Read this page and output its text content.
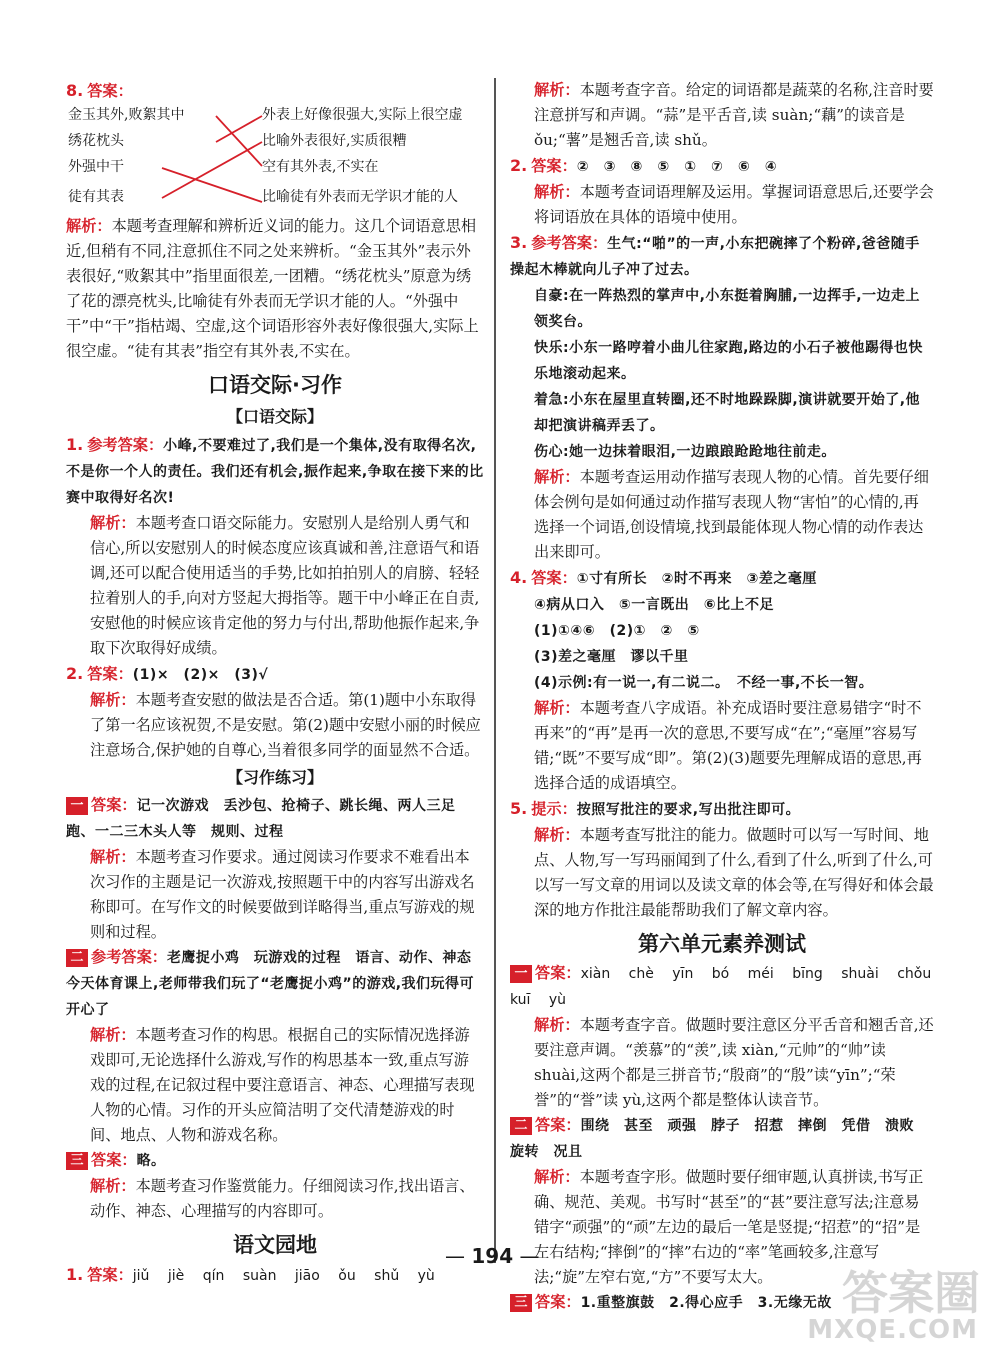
8. 答案：

金玉其外,败絮其中
绣花枕头
外强中干
徒有其表
外表上好像很强大,实际上很空虚
比喻外表很好,实质很糟
空有其外表,不实在
比喻徒有外表而无学识才能的人

解析：本题考查理解和辨析近义词的能力。这几个词语意思相近,但稍有不同,注意抓住不同之处来辨析。“金玉其外”表示外表很好,“败絮其中”指里面很差,一团糟。“绣花枕头”原意为绣了花的漂亮枕头,比喻徒有外表而无学识才能的人。“外强中干”中“干”指枯竭、空虚,这个词语形容外表好像很强大,实际上很空虚。“徒有其表”指空有其外表,不实在。

口语交际·习作

【口语交际】

1. 参考答案：小峰,不要难过了,我们是一个集体,没有取得名次,不是你一个人的责任。我们还有机会,振作起来,争取在接下来的比赛中取得好名次!

解析：本题考查口语交际能力。安慰别人是给别人勇气和信心,所以安慰别人的时候态度应该真诚和善,注意语气和语调,还可以配合使用适当的手势,比如拍拍别人的肩膀、轻轻拉着别人的手,向对方竖起大拇指等。题干中小峰正在自责,安慰他的时候应该肯定他的努力与付出,帮助他振作起来,争取下次取得好成绩。

2. 答案：(1)×　(2)×　(3)√

解析：本题考查安慰的做法是否合适。第(1)题中小东取得了第一名应该祝贺,不是安慰。第(2)题中安慰小丽的时候应注意场合,保护她的自尊心,当着很多同学的面显然不合适。

【习作练习】

一 答案：记一次游戏　丢沙包、抢椅子、跳长绳、两人三足跑、一二三木头人等　规则、过程

解析：本题考查习作要求。通过阅读习作要求不难看出本次习作的主题是记一次游戏,按照题干中的内容写出游戏名称即可。在写作文的时候要做到详略得当,重点写游戏的规则和过程。

二 参考答案：老鹰捉小鸡　玩游戏的过程　语言、动作、神态　今天体育课上,老师带我们玩了“老鹰捉小鸡”的游戏,我们玩得可开心了

解析：本题考查习作的构思。根据自己的实际情况选择游戏即可,无论选择什么游戏,写作的构思基本一致,重点写游戏的过程,在记叙过程中要注意语言、神态、心理描写表现人物的心情。习作的开头应简洁明了交代清楚游戏的时间、地点、人物和游戏名称。

三 答案：略。

解析：本题考查习作鉴赏能力。仔细阅读习作,找出语言、动作、神态、心理描写的内容即可。

语文园地

1. 答案：jiǔ jiè qín suàn jiāo ǒu shǔ yù

解析：本题考查字音。给定的词语都是蔬菜的名称,注音时要注意拼写和声调。“蒜”是平舌音,读 suàn;“藕”的读音是 ǒu;“薯”是翘舌音,读 shǔ。

2. 答案：②　③　⑧　⑤　①　⑦　⑥　④

解析：本题考查词语理解及运用。掌握词语意思后,还要学会将词语放在具体的语境中使用。

3. 参考答案：生气:“啪”的一声,小东把碗摔了个粉碎,爸爸随手操起木棒就向儿子冲了过去。

自豪:在一阵热烈的掌声中,小东挺着胸脯,一边挥手,一边走上领奖台。

快乐:小东一路哼着小曲儿往家跑,路边的小石子被他踢得也快乐地滚动起来。

着急:小东在屋里直转圈,还不时地跺跺脚,演讲就要开始了,他却把演讲稿弄丢了。

伤心:她一边抹着眼泪,一边踉踉跄跄地往前走。

解析：本题考查运用动作描写表现人物的心情。首先要仔细体会例句是如何通过动作描写表现人物“害怕”的心情的,再选择一个词语,创设情境,找到最能体现人物心情的动作表达出来即可。

4. 答案：①寸有所长　②时不再来　③差之毫厘

④病从口入　⑤一言既出　⑥比上不足

(1)①④⑥　(2)①　②　⑤

(3)差之毫厘　谬以千里

(4)示例:有一说一,有二说二。　不经一事,不长一智。

解析：本题考查八字成语。补充成语时要注意易错字“时不再来”的“再”是再一次的意思,不要写成“在”;“毫厘”容易写错;“既”不要写成“即”。第(2)(3)题要先理解成语的意思,再选择合适的成语填空。

5. 提示：按照写批注的要求,写出批注即可。

解析：本题考查写批注的能力。做题时可以写一写时间、地点、人物,写一写玛丽闻到了什么,看到了什么,听到了什么,可以写一写文章的用词以及读文章的体会等,在写得好和体会最深的地方作批注最能帮助我们了解文章内容。

第六单元素养测试

一 答案：xiàn chè yīn bó méi bīng shuài chǒu kuī yù

解析：本题考查字音。做题时要注意区分平舌音和翘舌音,还要注意声调。“羡慕”的“羡”,读 xiàn,“元帅”的“帅”读 shuài,这两个都是三拼音节;“殷商”的“殷”读“yīn”;“荣誉”的“誉”读 yù,这两个都是整体认读音节。

二 答案：围绕　甚至　顽强　脖子　招惹　摔倒　凭借　溃败　旋转　况且

解析：本题考查字形。做题时要仔细审题,认真拼读,书写正确、规范、美观。书写时“甚至”的“甚”要注意写法;注意易错字“顽强”的“顽”左边的最后一笔是竖提;“招惹”的“招”是左右结构;“摔倒”的“摔”右边的“率”笔画较多,注意写法;“旋”左窄右宽,“方”不要写太大。

三 答案：1.重整旗鼓　2.得心应手　3.无缘无故

— 194 —
答案圈
MXQE.COM
